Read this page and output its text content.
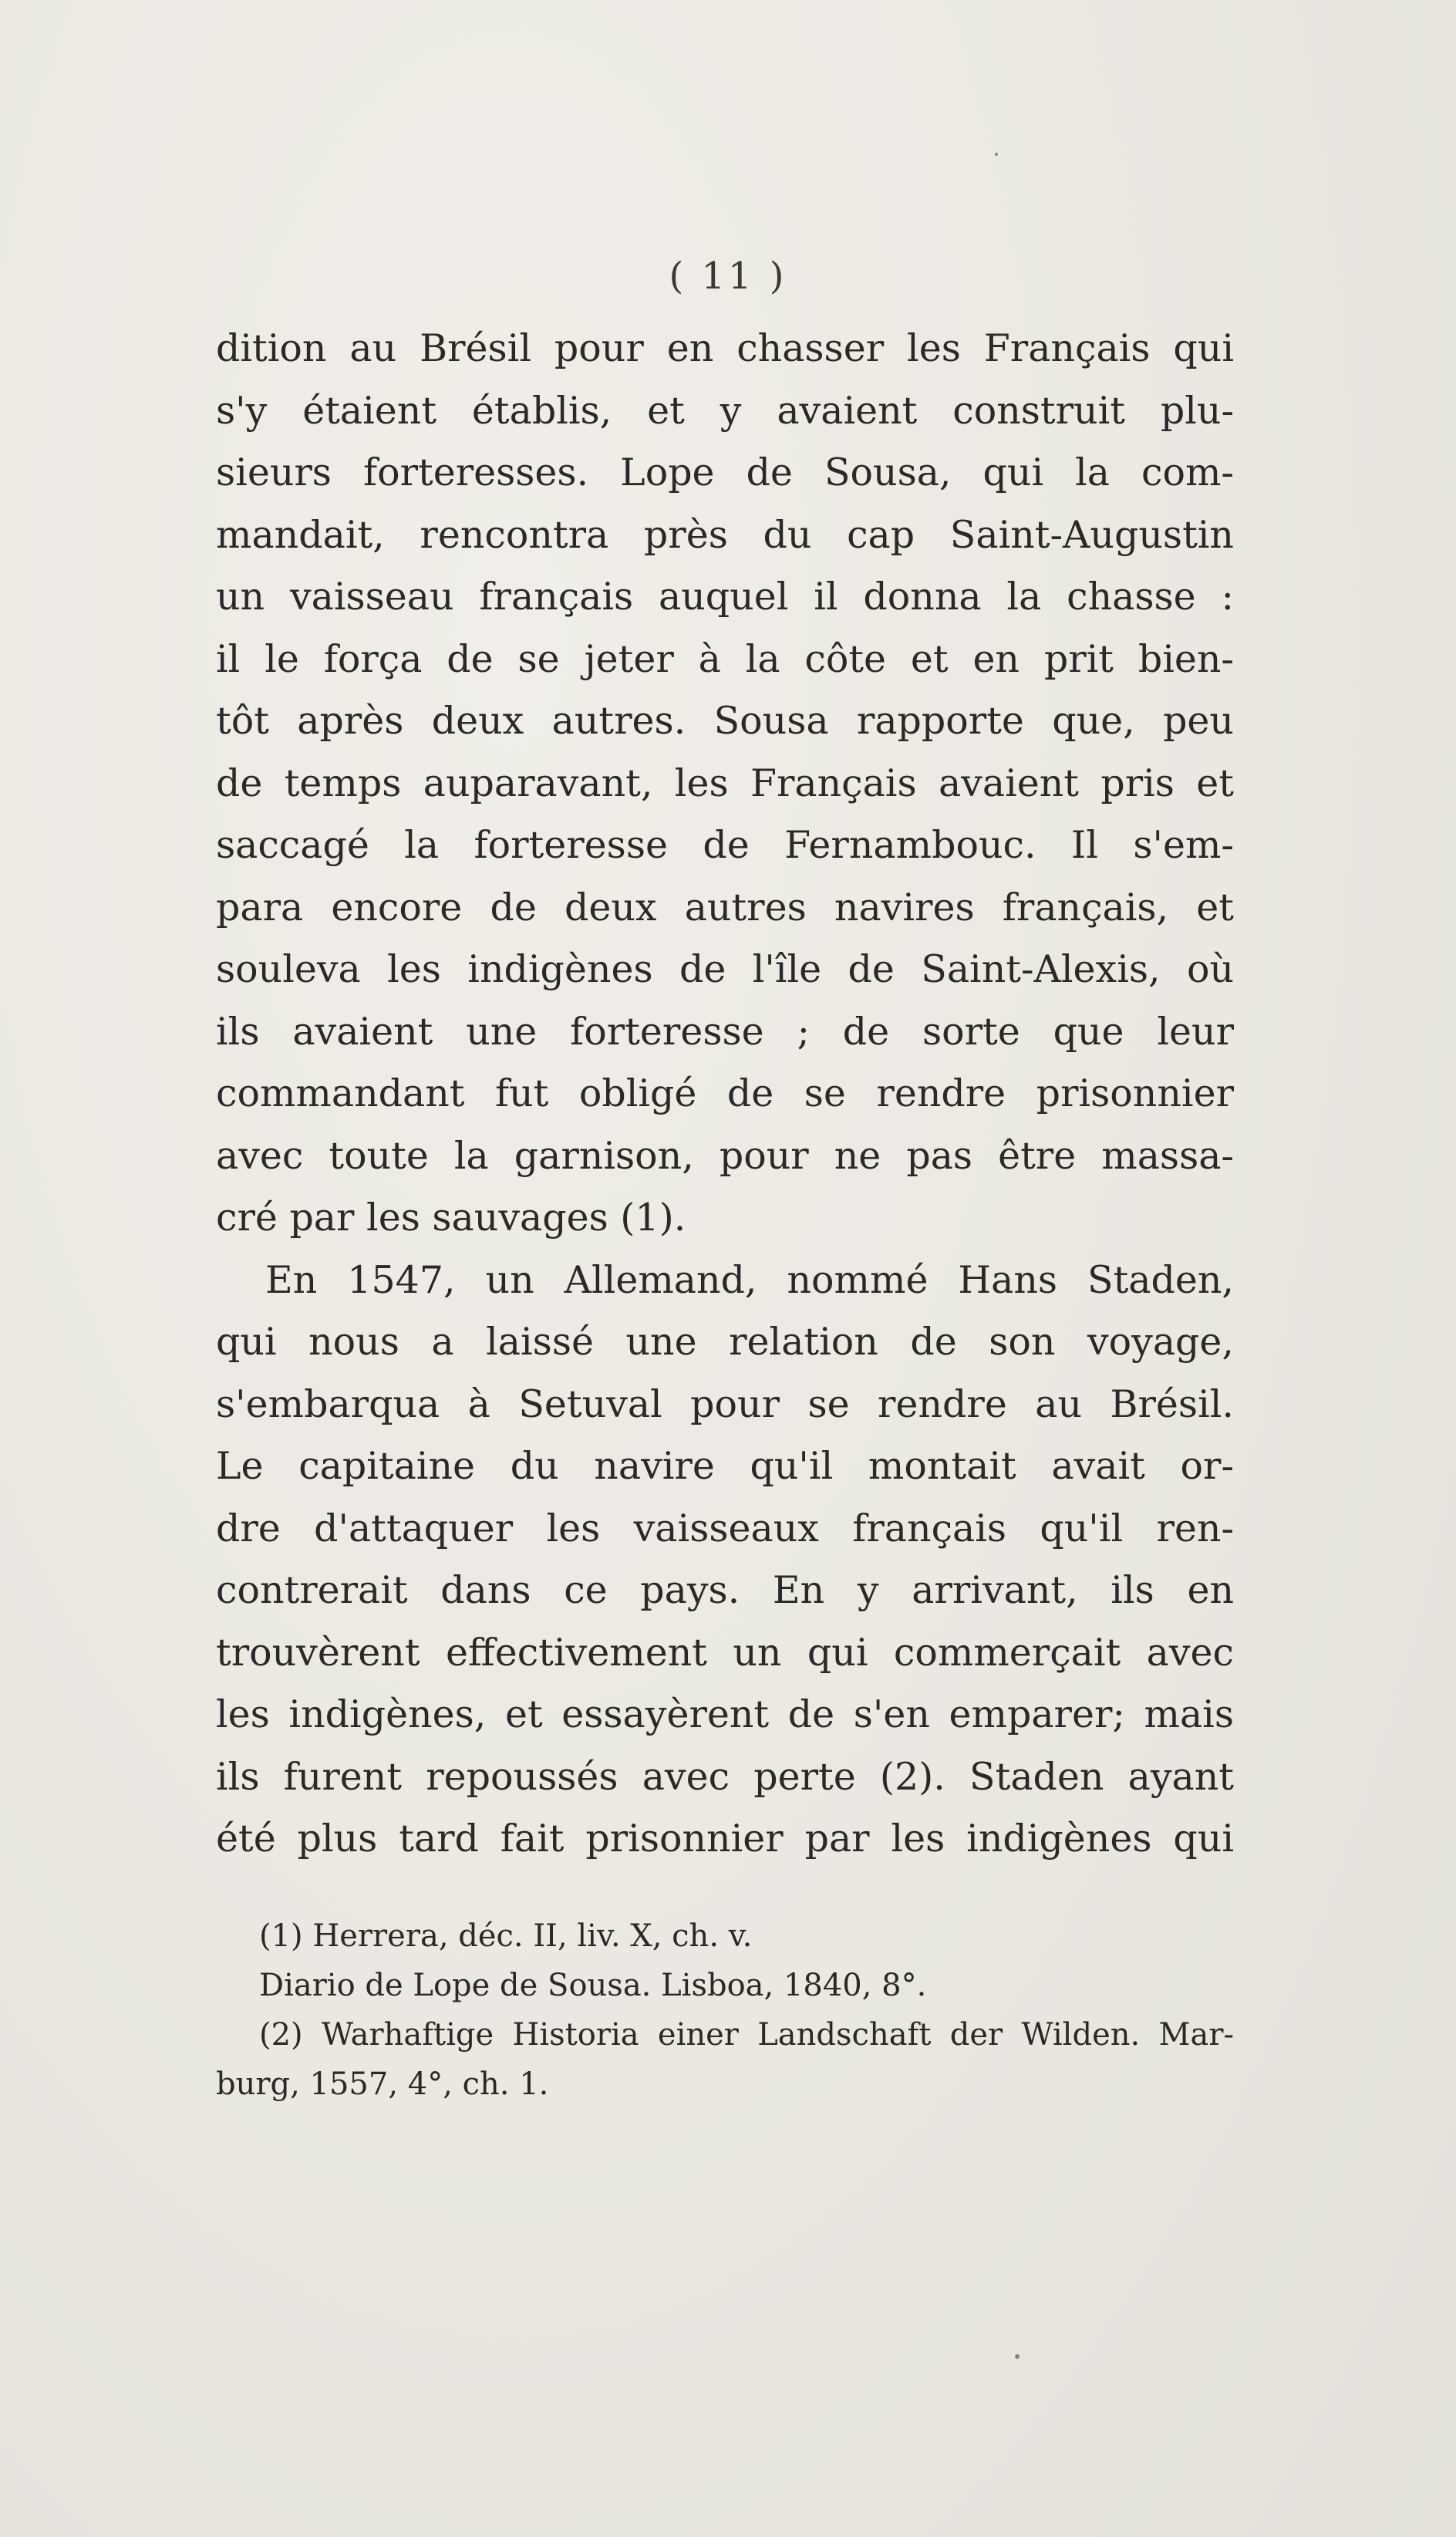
( 11 )
dition au Brésil pour en chasser les Français qui
s'y étaient établis, et y avaient construit plu-
sieurs forteresses. Lope de Sousa, qui la com-
mandait, rencontra près du cap Saint-Augustin
un vaisseau français auquel il donna la chasse :
il le força de se jeter à la côte et en prit bien-
tôt après deux autres. Sousa rapporte que, peu
de temps auparavant, les Français avaient pris et
saccagé la forteresse de Fernambouc. Il s'em-
para encore de deux autres navires français, et
souleva les indigènes de l'île de Saint-Alexis, où
ils avaient une forteresse ; de sorte que leur
commandant fut obligé de se rendre prisonnier
avec toute la garnison, pour ne pas être massa-
cré par les sauvages (1).
En 1547, un Allemand, nommé Hans Staden,
qui nous a laissé une relation de son voyage,
s'embarqua à Setuval pour se rendre au Brésil.
Le capitaine du navire qu'il montait avait or-
dre d'attaquer les vaisseaux français qu'il ren-
contrerait dans ce pays. En y arrivant, ils en
trouvèrent effectivement un qui commerçait avec
les indigènes, et essayèrent de s'en emparer; mais
ils furent repoussés avec perte (2). Staden ayant
été plus tard fait prisonnier par les indigènes qui
(1) Herrera, déc. II, liv. X, ch. v.
Diario de Lope de Sousa. Lisboa, 1840, 8°.
(2) Warhaftige Historia einer Landschaft der Wilden. Mar-
burg, 1557, 4°, ch. 1.
